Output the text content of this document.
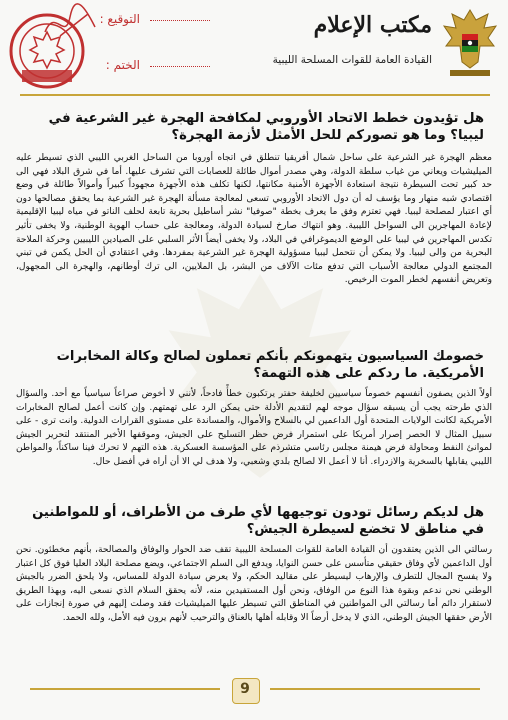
مكتب الإعلام
القيادة العامة للقوات المسلحة الليبية
التوقيع :
الختم :
هل تؤيدون خطط الاتحاد الأوروبي لمكافحة الهجرة غير الشرعية في ليبيا؟ وما هو تصوركم للحل الأمثل لأزمة الهجرة؟
معظم الهجرة غير الشرعية على ساحل شمال أفريقيا تنطلق في اتجاه أوروبا من الساحل الغربي الليبي الذي تسيطر عليه الميليشيات ويعاني من غياب سلطة الدولة، وهي مصدر أموال طائلة للعصابات التي تشرف عليها. أما في شرق البلاد فهي الى حد كبير تحت السيطرة نتيجة استعادة الأجهزة الأمنية مكانتها، لكنها تكلف هذه الأجهزة مجهوداً كبيراً وأموالاً طائلة في وضع اقتصادي شبه منهار وما يؤسف له أن دول الاتحاد الأوروبي تسعى لمعالجة مسألة الهجرة غير الشرعية بما يحقق مصالحها دون أي اعتبار لمصلحة ليبيا. فهي تعتزم وفق ما يعرف بخطة "صوفيا" نشر أساطيل بحرية تابعة لحلف الناتو في مياه ليبيا الإقليمية لإعادة المهاجرين الى السواحل الليبية. وهو انتهاك صارخ لسيادة الدولة، ومعالجة على حساب الهوية الوطنية، ولا يخفى تأثير تكدس المهاجرين في ليبيا على الوضع الديموغرافي في البلاد، ولا يخفى أيضاً الأثر السلبي على الصيادين الليبيين وحركة الملاحة البحرية من والى ليبيا. ولا يمكن أن نتحمل ليبيا مسؤولية الهجرة غير الشرعية بمفردها. وفي اعتقادي أن الحل يكمن في تبني المجتمع الدولي معالجة الأسباب التي تدفع مئات الآلاف من البشر، بل الملايين، الى ترك أوطانهم، والهجرة الى المجهول، وتعريض أنفسهم لخطر الموت الرخيص.
خصومك السياسيون يتهمونكم بأنكم تعملون لصالح وكالة المخابرات الأمريكية. ما ردكم على هذه التهمة؟
أولاً الذين يصفون أنفسهم خصوماً سياسيين لخليفة حفتر يرتكبون خطأً فادحاً، لأنني لا أخوض صراعاً سياسياً مع أحد. والسؤال الذي طرحته يجب أن يسبقه سؤال موجه لهم لتقديم الأدلة حتى يمكن الرد على تهمتهم. وإن كانت أعمل لصالح المخابرات الأمريكية لكانت الولايات المتحدة أول الداعمين لي بالسلاح والأموال، والمساندة على مستوى القرارات الدولية. وانت ترى - على سبيل المثال لا الحصر إصرار أمريكا على استمرار فرض حظر التسليح على الجيش، وموقفها الأخير المنتقد لتحرير الجيش لموانئ النفط ومحاولة فرض هيمنة مجلس رئاسي متشرذم على المؤسسة العسكرية. هذه التهم لا تحرك فينا ساكناً، والمواطن الليبي يقابلها بالسخرية والازدراء. أنا لا أعمل الا لصالح بلدي وشعبي، ولا هدف لي الا أن أراه في أفضل حال.
هل لديكم رسائل تودون توجيهها لأي طرف من الأطراف، أو للمواطنين في مناطق لا تخضع لسيطرة الجيش؟
رسالتي الى الذين يعتقدون أن القيادة العامة للقوات المسلحة الليبية تقف ضد الحوار والوفاق والمصالحة، بأنهم مخطئون. نحن أول الداعمين لأي وفاق حقيقي متأسس على حسن النوايا، ويدفع الى السلم الاجتماعي، ويضع مصلحة البلاد العليا فوق كل اعتبار ولا يفسح المجال للتطرف والإرهاب ليسيطر على مقاليد الحكم، ولا يعرض سيادة الدولة للمساس، ولا يلحق الضرر بالجيش الوطني نحن ندعم وبقوة هذا النوع من الوفاق، ونحن أول المستفيدين منه، لأنه يحقق السلام الذي نسعى اليه، وبهذا الطريق لاستقرار دائم أما رسالتي الى المواطنين في المناطق التي تسيطر عليها الميليشيات فقد وصلت إليهم في صورة إنجازات على الأرض حققها الجيش الوطني، الذي لا يدخل أرضاً الا وقابله أهلها بالعناق والترحيب لأنهم يرون فيه الأمل، ولله الحمد.
9
